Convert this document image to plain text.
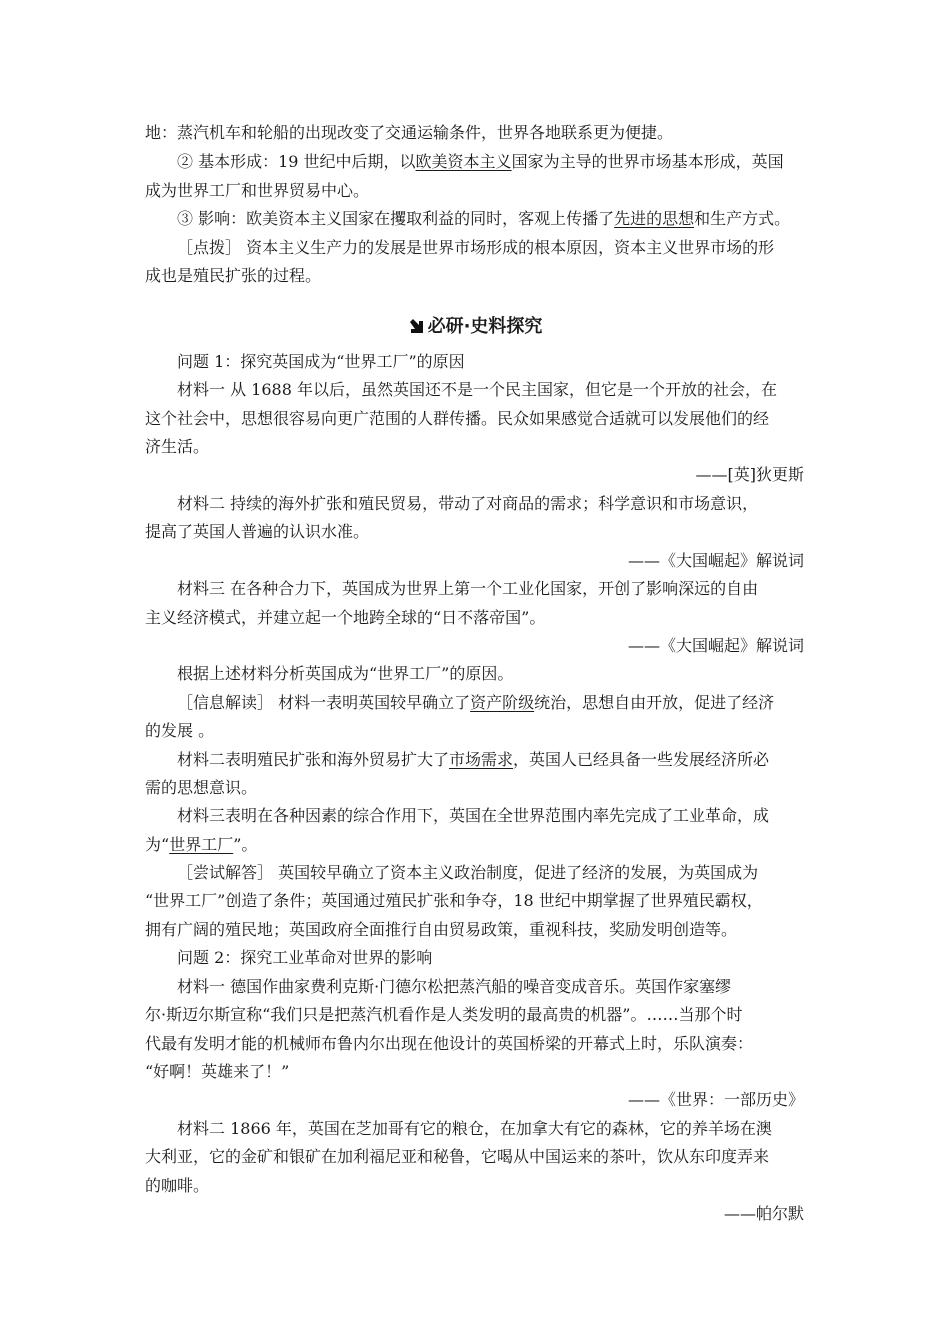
地：蒸汽机车和轮船的出现改变了交通运输条件，世界各地联系更为便捷。
② 基本形成：19 世纪中后期，以欧美资本主义国家为主导的世界市场基本形成，英国
成为世界工厂和世界贸易中心。
③ 影响：欧美资本主义国家在攫取利益的同时，客观上传播了先进的思想和生产方式。
［点拨］ 资本主义生产力的发展是世界市场形成的根本原因，资本主义世界市场的形
成也是殖民扩张的过程。
必研·史料探究
问题 1：探究英国成为“世界工厂”的原因
材料一 从 1688 年以后，虽然英国还不是一个民主国家，但它是一个开放的社会，在
这个社会中，思想很容易向更广范围的人群传播。民众如果感觉合适就可以发展他们的经
济生活。
——[英]狄更斯
材料二 持续的海外扩张和殖民贸易，带动了对商品的需求；科学意识和市场意识，
提高了英国人普遍的认识水准。
——《大国崛起》解说词
材料三 在各种合力下，英国成为世界上第一个工业化国家，开创了影响深远的自由
主义经济模式，并建立起一个地跨全球的“日不落帝国”。
——《大国崛起》解说词
根据上述材料分析英国成为“世界工厂”的原因。
［信息解读］ 材料一表明英国较早确立了资产阶级统治，思想自由开放，促进了经济
的发展 。
材料二表明殖民扩张和海外贸易扩大了市场需求，英国人已经具备一些发展经济所必
需的思想意识。
材料三表明在各种因素的综合作用下，英国在全世界范围内率先完成了工业革命，成
为“世界工厂”。
［尝试解答］ 英国较早确立了资本主义政治制度，促进了经济的发展，为英国成为
“世界工厂”创造了条件；英国通过殖民扩张和争夺，18 世纪中期掌握了世界殖民霸权，
拥有广阔的殖民地；英国政府全面推行自由贸易政策，重视科技，奖励发明创造等。
问题 2：探究工业革命对世界的影响
材料一 德国作曲家费利克斯·门德尔松把蒸汽船的噪音变成音乐。英国作家塞缪
尔·斯迈尔斯宣称“我们只是把蒸汽机看作是人类发明的最高贵的机器”。……当那个时
代最有发明才能的机械师布鲁内尔出现在他设计的英国桥梁的开幕式上时，乐队演奏：
“好啊！英雄来了！”
——《世界：一部历史》
材料二 1866 年，英国在芝加哥有它的粮仓，在加拿大有它的森林，它的养羊场在澳
大利亚，它的金矿和银矿在加利福尼亚和秘鲁，它喝从中国运来的茶叶，饮从东印度弄来
的咖啡。
——帕尔默
